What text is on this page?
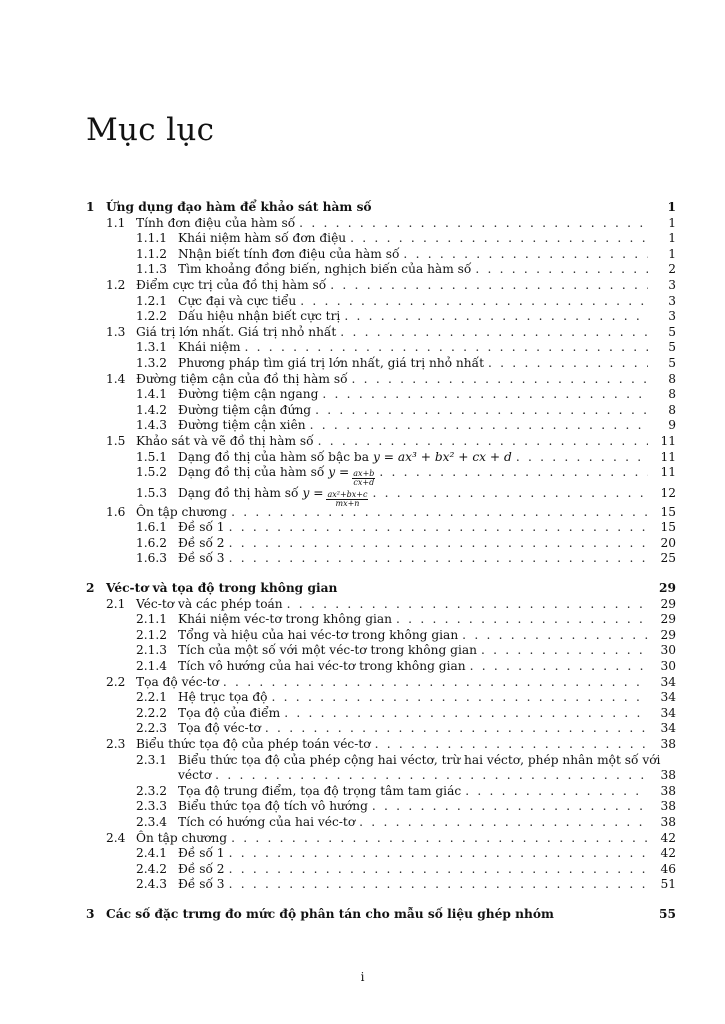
Mục lục
1 Ứng dụng đạo hàm để khảo sát hàm số	1
1.1 Tính đơn điệu của hàm số . . .	1
1.1.1 Khái niệm hàm số đơn điệu . . .	1
1.1.2 Nhận biết tính đơn điệu của hàm số . . .	1
1.1.3 Tìm khoảng đồng biến, nghịch biến của hàm số . . .	2
1.2 Điểm cực trị của đồ thị hàm số . . .	3
1.2.1 Cực đại và cực tiểu . . .	3
1.2.2 Dấu hiệu nhận biết cực trị . . .	3
1.3 Giá trị lớn nhất. Giá trị nhỏ nhất . . .	5
1.3.1 Khái niệm . . .	5
1.3.2 Phương pháp tìm giá trị lớn nhất, giá trị nhỏ nhất . . .	5
1.4 Đường tiệm cận của đồ thị hàm số . . .	8
1.4.1 Đường tiệm cận ngang . . .	8
1.4.2 Đường tiệm cận đứng . . .	8
1.4.3 Đường tiệm cận xiên . . .	9
1.5 Khảo sát và vẽ đồ thị hàm số . . .	11
1.5.1 Dạng đồ thị của hàm số bậc ba y = ax³ + bx² + cx + d . . .	11
1.5.2 Dạng đồ thị của hàm số $y = \frac{ax+b}{cx+d}$ . . .	11
1.5.3 Dạng đồ thị hàm số $y = \frac{\text{ax²+bx+c}}{mx+n}$ . . .	12
1.6 Ôn tập chương . . .	15
1.6.1 Đề số 1 . . .	15
1.6.2 Đề số 2 . . .	20
1.6.3 Đề số 3 . . .	25
2 Véc-tơ và tọa độ trong không gian	29
2.1 Véc-tơ và các phép toán . . .	29
2.1.1 Khái niệm véc-tơ trong không gian . . .	29
2.1.2 Tổng và hiệu của hai véc-tơ trong không gian . . .	29
2.1.3 Tích của một số với một véc-tơ trong không gian . . .	30
2.1.4 Tích vô hướng của hai véc-tơ trong không gian . . .	30
2.2 Tọa độ véc-tơ . . .	34
2.2.1 Hệ trục tọa độ . . .	34
2.2.2 Tọa độ của điểm . . .	34
2.2.3 Tọa độ véc-tơ . . .	34
2.3 Biểu thức tọa độ của phép toán véc-tơ . . .	38
2.3.1 Biểu thức tọa độ của phép cộng hai véctơ, trừ hai véctơ, phép nhân một số với
véctơ . . .	38
2.3.2 Tọa độ trung điểm, tọa độ trọng tâm tam giác . . .	38
2.3.3 Biểu thức tọa độ tích vô hướng . . .	38
2.3.4 Tích có hướng của hai véc-tơ . . .	38
2.4 Ôn tập chương . . .	42
2.4.1 Đề số 1 . . .	42
2.4.2 Đề số 2 . . .	46
2.4.3 Đề số 3 . . .	51
3 Các số đặc trưng đo mức độ phân tán cho mẫu số liệu ghép nhóm	55
i
